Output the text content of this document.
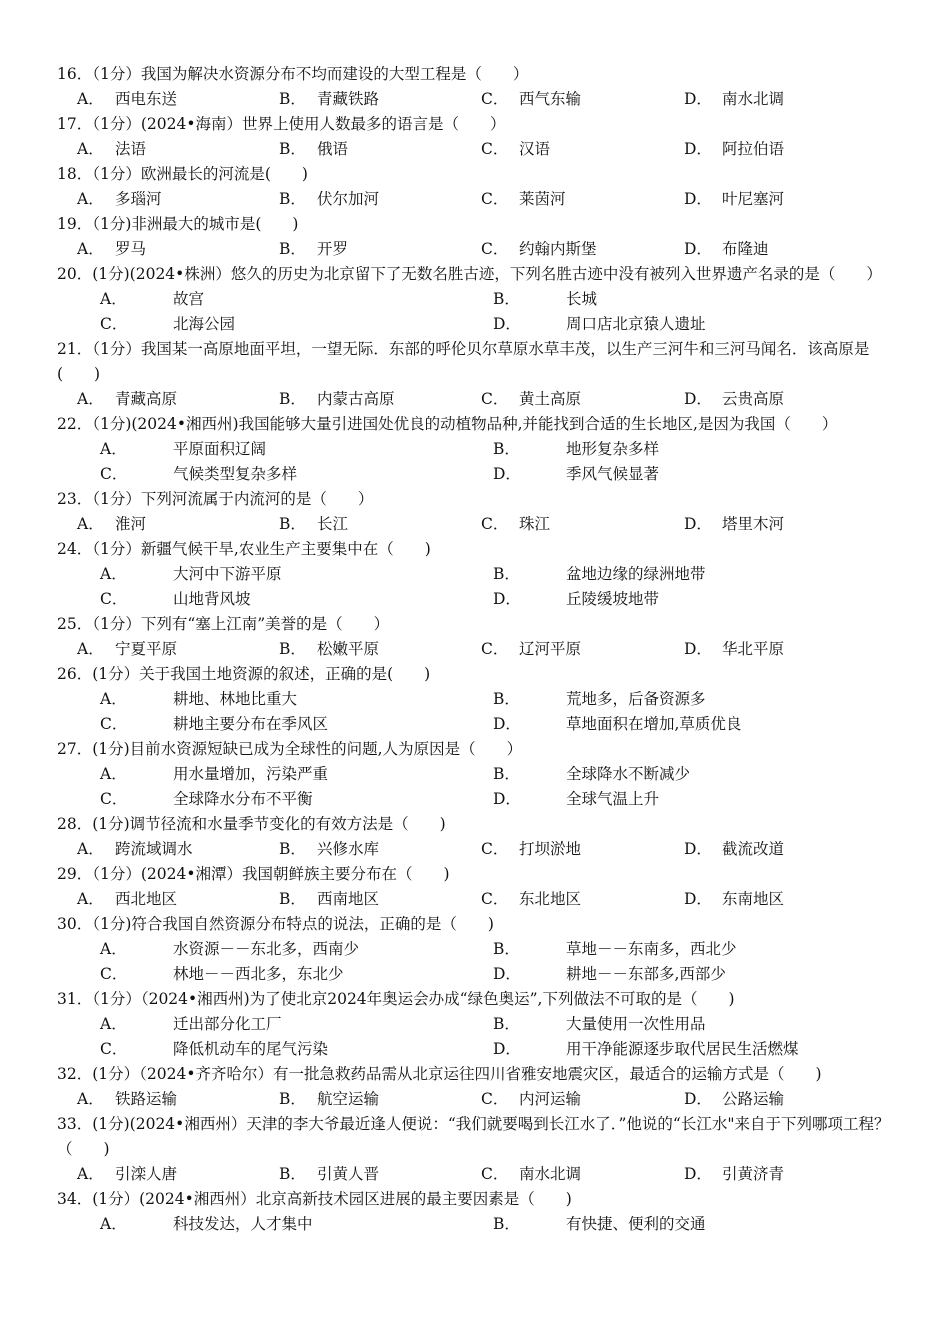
16．（1分）我国为解决水资源分布不均而建设的大型工程是（　　）
A． 西电东送	B． 青藏铁路	C． 西气东输	D． 南水北调
17．（1分）(2024•海南）世界上使用人数最多的语言是（　　）
A． 法语	B． 俄语	C． 汉语	D． 阿拉伯语
18．（1分）欧洲最长的河流是(　　)
A． 多瑙河	B． 伏尔加河	C． 莱茵河	D． 叶尼塞河
19．（1分)非洲最大的城市是(　　)
A． 罗马	B． 开罗	C． 约翰内斯堡	D． 布隆迪
20．(1分)(2024•株洲）悠久的历史为北京留下了无数名胜古迹，下列名胜古迹中没有被列入世界遗产名录的是（　　）
A．	故宫	B．	长城
C．	北海公园	D．	周口店北京猿人遗址
21．（1分）我国某一高原地面平坦，一望无际．东部的呼伦贝尔草原水草丰茂，以生产三河牛和三河马闻名．该高原是(　　)
A． 青藏高原	B． 内蒙古高原	C． 黄土高原	D． 云贵高原
22．（1分)(2024•湘西州)我国能够大量引进国处优良的动植物品种,并能找到合适的生长地区,是因为我国（　　）
A．	平原面积辽阔	B．	地形复杂多样
C．	气候类型复杂多样	D．	季风气候显著
23．（1分）下列河流属于内流河的是（　　）
A． 淮河	B． 长江	C． 珠江	D． 塔里木河
24．（1分）新疆气候干旱,农业生产主要集中在（　　)
A．	大河中下游平原	B．	盆地边缘的绿洲地带
C．	山地背风坡	D．	丘陵缓坡地带
25．（1分）下列有“塞上江南”美誉的是（　　）
A． 宁夏平原	B． 松嫩平原	C． 辽河平原	D． 华北平原
26．(1分）关于我国土地资源的叙述，正确的是(　　)
A．	耕地、林地比重大	B．	荒地多，后备资源多
C．	耕地主要分布在季风区	D．	草地面积在增加,草质优良
27．(1分)目前水资源短缺已成为全球性的问题,人为原因是（　　）
A．	用水量增加，污染严重	B．	全球降水不断减少
C．	全球降水分布不平衡	D．	全球气温上升
28．(1分)调节径流和水量季节变化的有效方法是（　　)
A． 跨流域调水	B． 兴修水库	C． 打坝淤地	D． 截流改道
29．（1分）(2024•湘潭）我国朝鲜族主要分布在（　　)
A． 西北地区	B． 西南地区	C． 东北地区	D． 东南地区
30．（1分)符合我国自然资源分布特点的说法，正确的是（　　)
A．	水资源－－东北多，西南少	B．	草地－－东南多，西北少
C．	林地－－西北多，东北少	D．	耕地－－东部多,西部少
31．（1分）（2024•湘西州)为了使北京2024年奥运会办成“绿色奥运”,下列做法不可取的是（　　)
A．	迁出部分化工厂	B．	大量使用一次性用品
C．	降低机动车的尾气污染	D．	用干净能源逐步取代居民生活燃煤
32．(1分）（2024•齐齐哈尔）有一批急救药品需从北京运往四川省雅安地震灾区，最适合的运输方式是（　　)
A． 铁路运输	B． 航空运输	C． 内河运输	D． 公路运输
33．(1分)(2024•湘西州）天津的李大爷最近逢人便说：“我们就要喝到长江水了．”他说的“长江水"来自于下列哪项工程？（　　)
A． 引滦人唐	B． 引黄人晋	C． 南水北调	D． 引黄济青
34．(1分）(2024•湘西州）北京高新技术园区进展的最主要因素是（　　)
A．	科技发达，人才集中	B．	有快捷、便利的交通
